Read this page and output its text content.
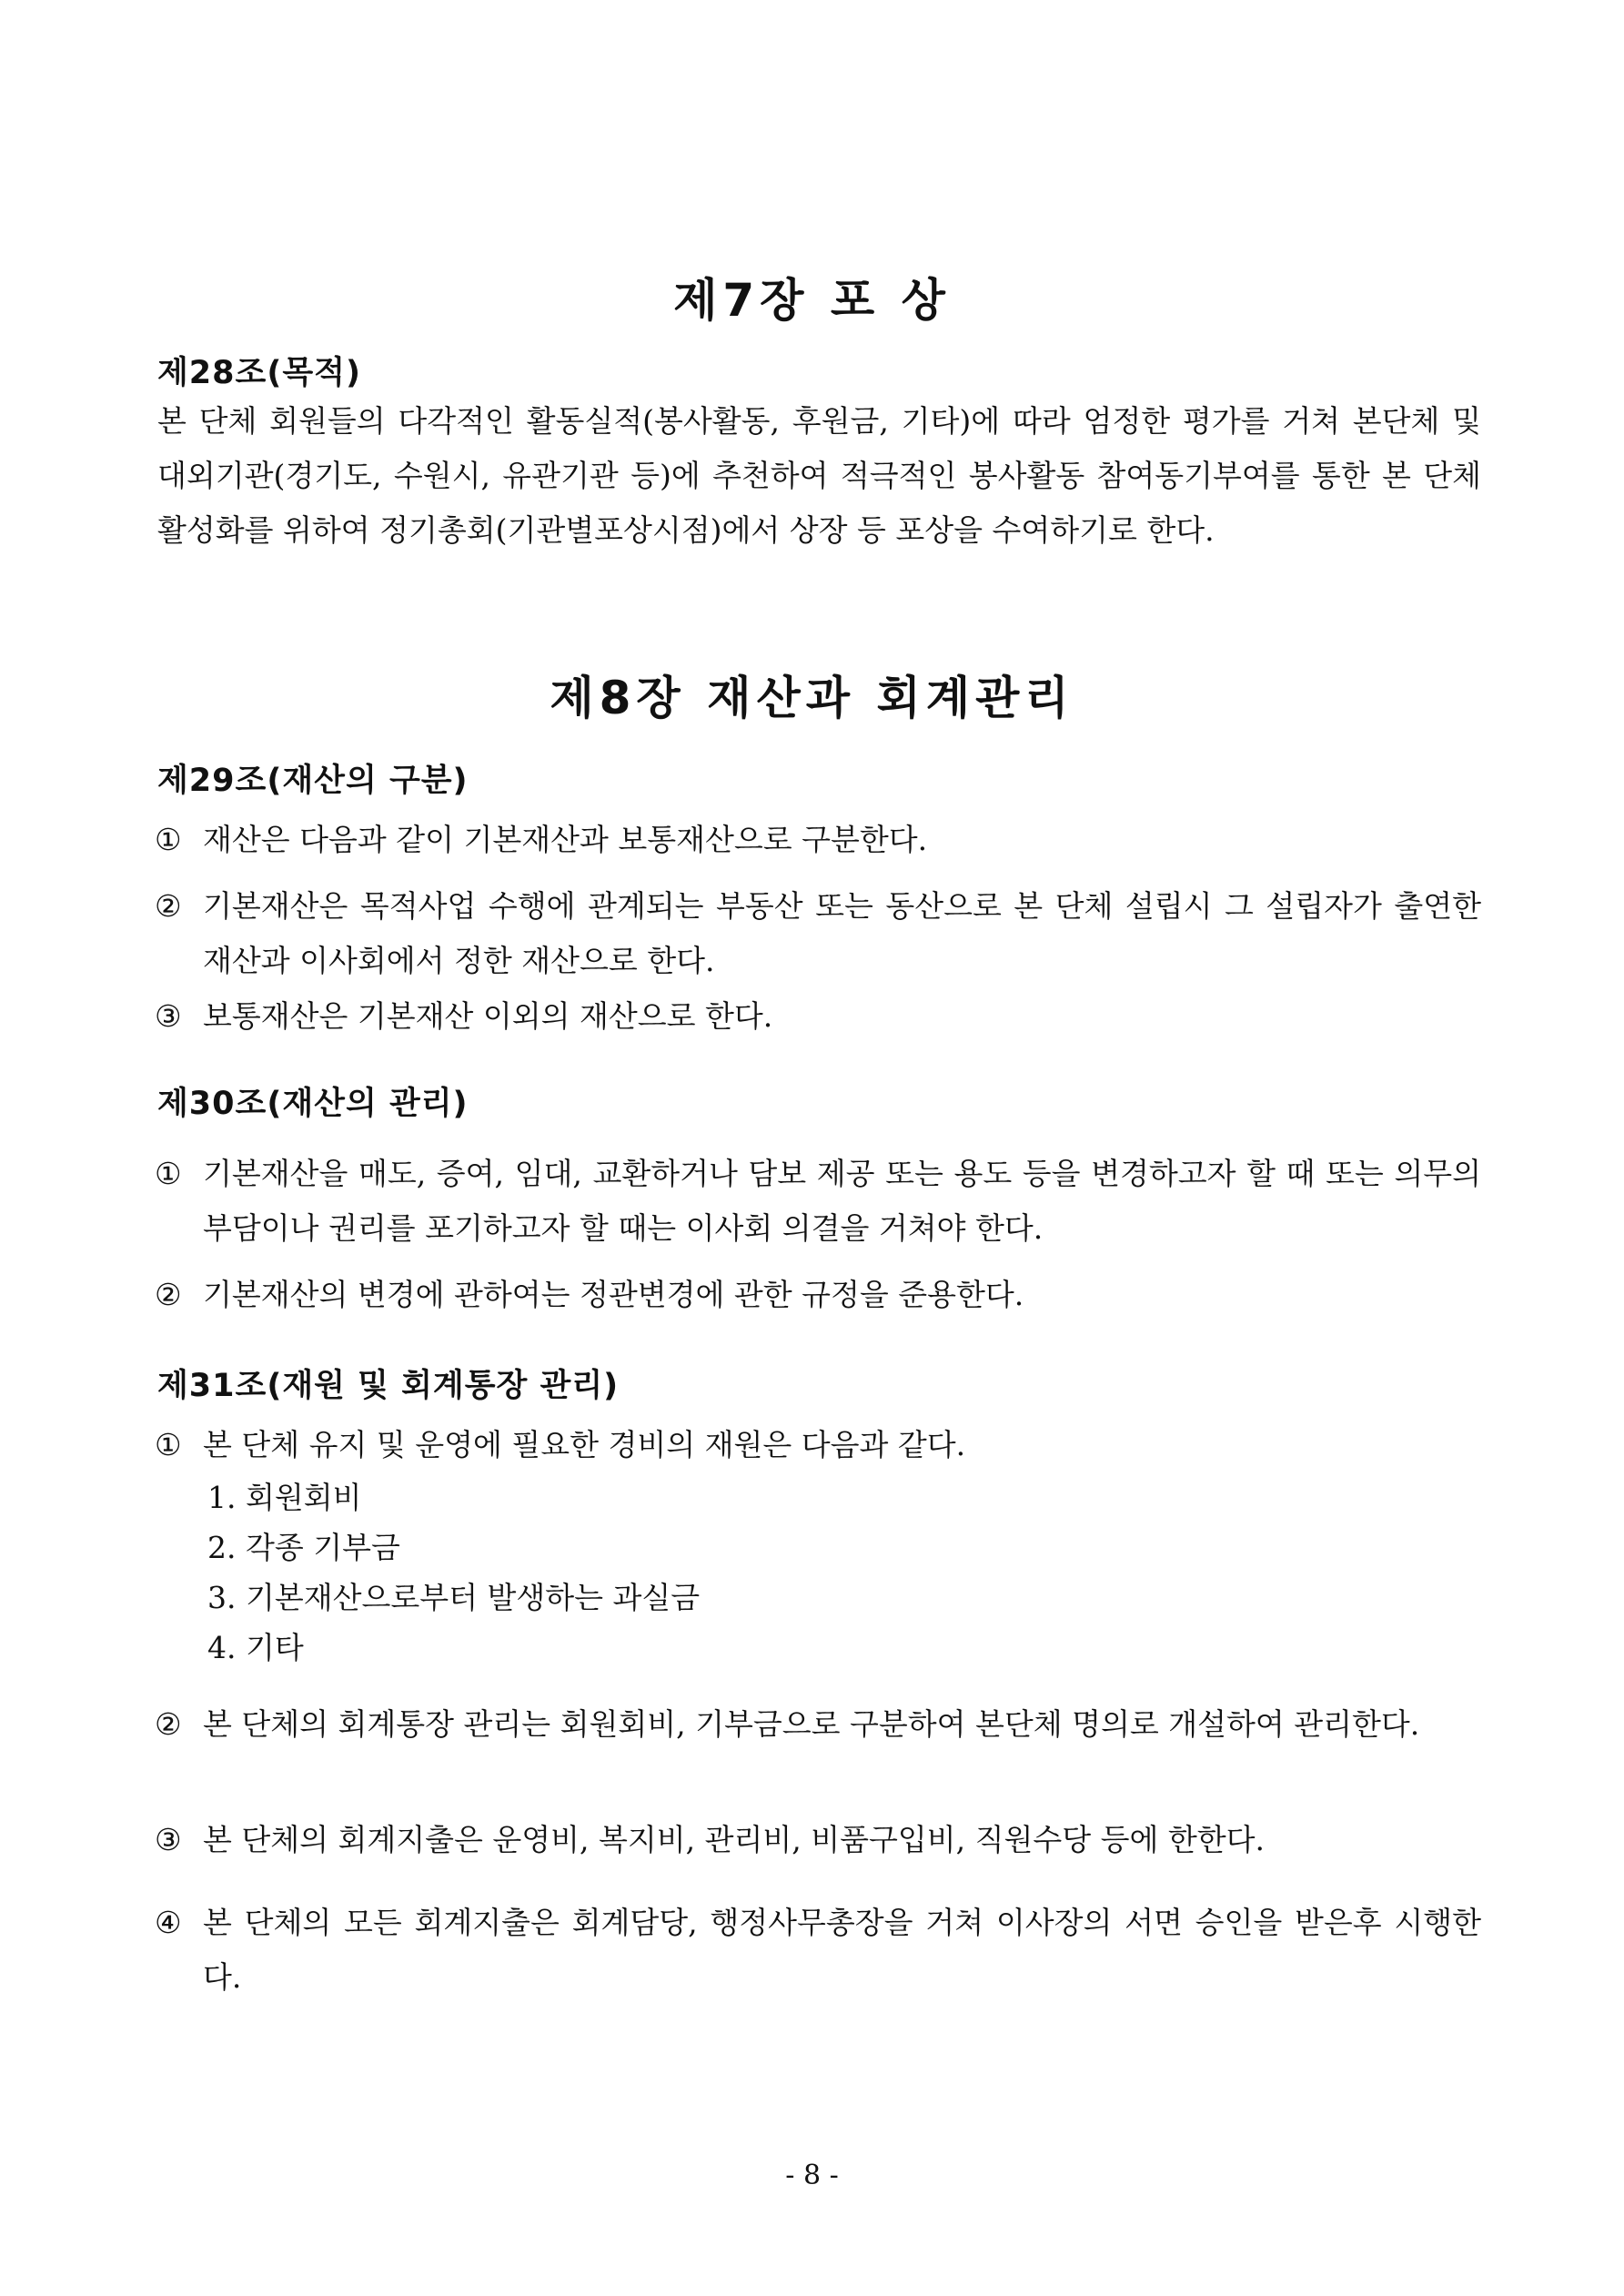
제7장 포 상
제28조(목적)

본 단체 회원들의 다각적인 활동실적(봉사활동, 후원금, 기타)에 따라 엄정한 평가를 거쳐 본단체 및 대외기관(경기도, 수원시, 유관기관 등)에 추천하여 적극적인 봉사활동 참여동기부여를 통한 본 단체 활성화를 위하여 정기총회(기관별포상시점)에서 상장 등 포상을 수여하기로 한다.

제8장 재산과 회계관리
제29조(재산의 구분)
① 재산은 다음과 같이 기본재산과 보통재산으로 구분한다.
② 기본재산은 목적사업 수행에 관계되는 부동산 또는 동산으로 본 단체 설립시 그 설립자가 출연한 재산과 이사회에서 정한 재산으로 한다.
③ 보통재산은 기본재산 이외의 재산으로 한다.
제30조(재산의 관리)
① 기본재산을 매도, 증여, 임대, 교환하거나 담보 제공 또는 용도 등을 변경하고자 할 때 또는 의무의 부담이나 권리를 포기하고자 할 때는 이사회 의결을 거쳐야 한다.
② 기본재산의 변경에 관하여는 정관변경에 관한 규정을 준용한다.
제31조(재원 및 회계통장 관리)
① 본 단체 유지 및 운영에 필요한 경비의 재원은 다음과 같다.

1. 회원회비

2. 각종 기부금

3. 기본재산으로부터 발생하는 과실금

4. 기타

② 본 단체의 회계통장 관리는 회원회비, 기부금으로 구분하여 본단체 명의로 개설하여 관리한다.
③ 본 단체의 회계지출은 운영비, 복지비, 관리비, 비품구입비, 직원수당 등에 한한다.
④ 본 단체의 모든 회계지출은 회계담당, 행정사무총장을 거쳐 이사장의 서면 승인을 받은후 시행한다.
- 8 -
